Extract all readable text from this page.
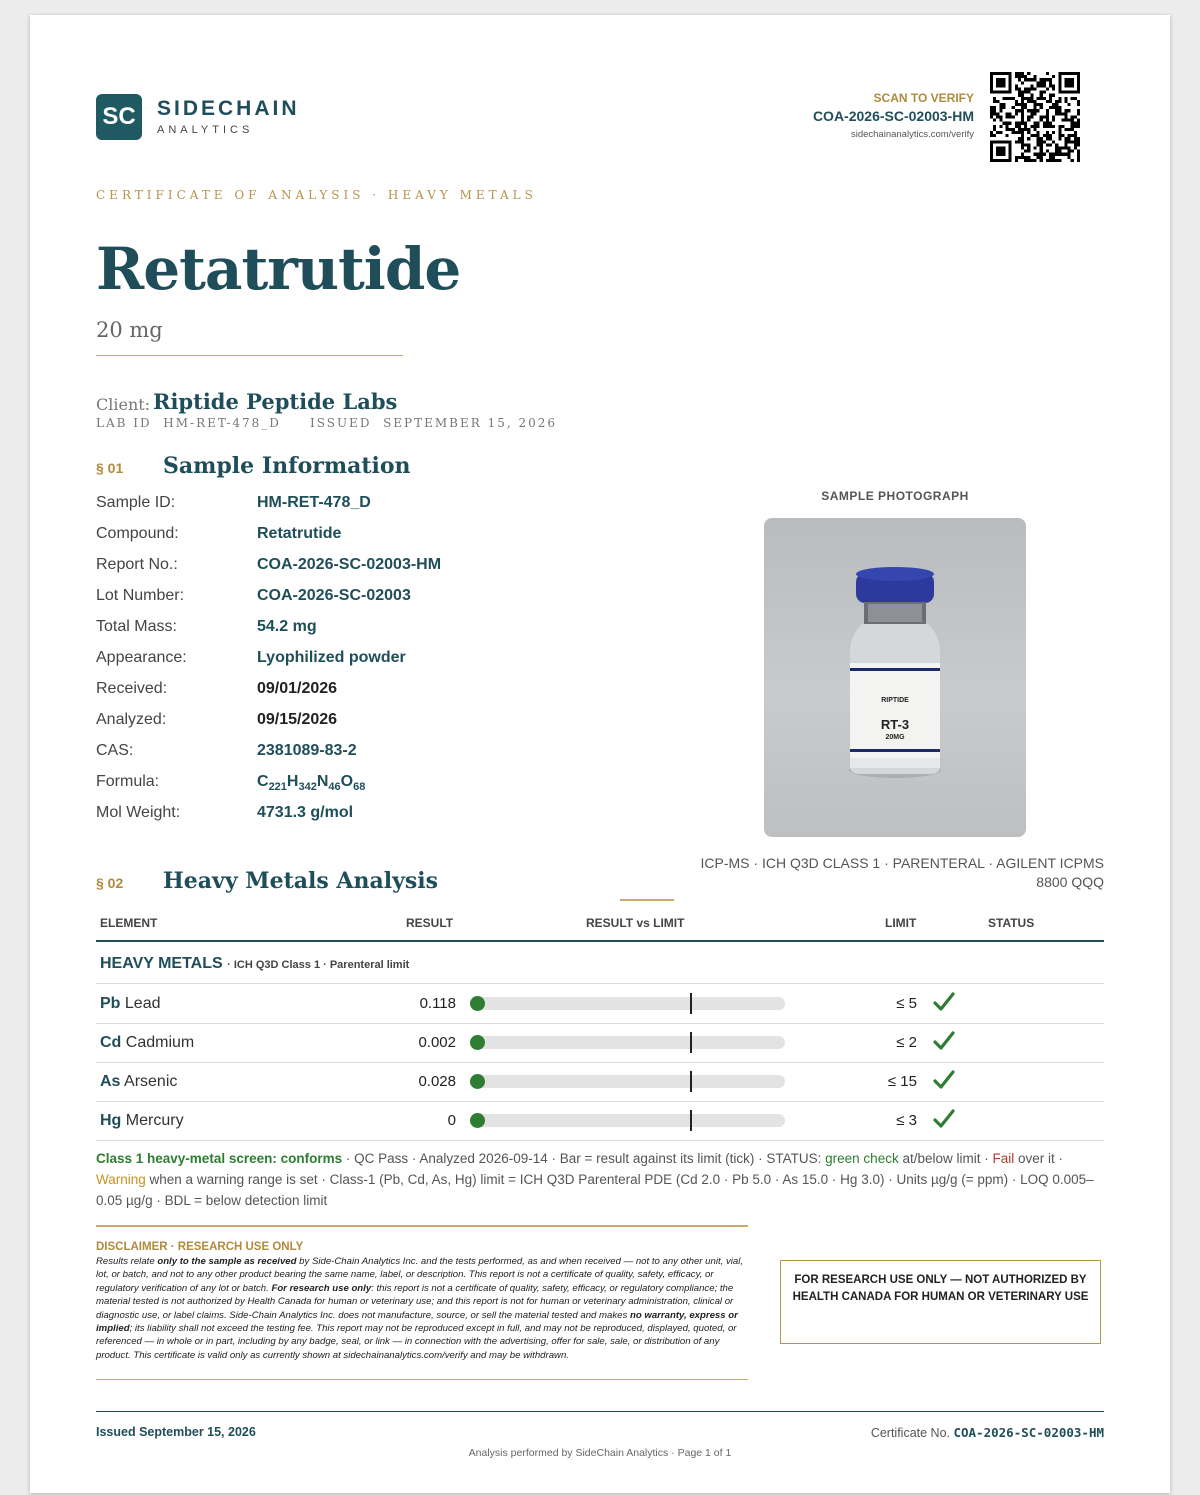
SC	SIDECHAIN
ANALYTICS
SCAN TO VERIFY
COA-2026-SC-02003-HM
sidechainanalytics.com/verify
CERTIFICATE OF ANALYSIS · HEAVY METALS
Retatrutide
20 mg
Client: Riptide Peptide Labs
LAB ID  HM-RET-478_D     ISSUED  SEPTEMBER 15, 2026
§ 01 Sample Information
Sample ID:	HM-RET-478_D
Compound:	Retatrutide
Report No.:	COA-2026-SC-02003-HM
Lot Number:	COA-2026-SC-02003
Total Mass:	54.2 mg
Appearance:	Lyophilized powder
Received:	09/01/2026
Analyzed:	09/15/2026
CAS:	2381089-83-2
Formula:	$C_{221}H_{342}N_{46}O_{68}$
Mol Weight:	4731.3 g/mol
SAMPLE PHOTOGRAPH
RIPTIDE
RT-3
20MG
§ 02 Heavy Metals Analysis
ICP-MS · ICH Q3D CLASS 1 · PARENTERAL · AGILENT ICPMS 8800 QQQ
ELEMENT	RESULT	RESULT vs LIMIT	LIMIT	STATUS
HEAVY METALS · ICH Q3D Class 1 · Parenteral limit
Pb Lead	0.118	≤ 5
Cd Cadmium	0.002	≤ 2
As Arsenic	0.028	≤ 15
Hg Mercury	0	≤ 3
Class 1 heavy-metal screen: conforms · QC Pass · Analyzed 2026-09-14 · Bar = result against its limit (tick) · STATUS: green check at/below limit · Fail over it · Warning when a warning range is set · Class-1 (Pb, Cd, As, Hg) limit = ICH Q3D Parenteral PDE (Cd 2.0 · Pb 5.0 · As 15.0 · Hg 3.0) · Units µg/g (= ppm) · LOQ 0.005–0.05 µg/g · BDL = below detection limit
DISCLAIMER · RESEARCH USE ONLY
Results relate only to the sample as received by Side-Chain Analytics Inc. and the tests performed, as and when received — not to any other unit, vial, lot, or batch, and not to any other product bearing the same name, label, or description. This report is not a certificate of quality, safety, efficacy, or regulatory verification of any lot or batch. For research use only: this report is not a certificate of quality, safety, efficacy, or regulatory compliance; the material tested is not authorized by Health Canada for human or veterinary use; and this report is not for human or veterinary administration, clinical or diagnostic use, or label claims. Side-Chain Analytics Inc. does not manufacture, source, or sell the material tested and makes no warranty, express or implied; its liability shall not exceed the testing fee. This report may not be reproduced except in full, and may not be reproduced, displayed, quoted, or referenced — in whole or in part, including by any badge, seal, or link — in connection with the advertising, offer for sale, sale, or distribution of any product. This certificate is valid only as currently shown at sidechainanalytics.com/verify and may be withdrawn.
FOR RESEARCH USE ONLY — NOT AUTHORIZED BY
HEALTH CANADA FOR HUMAN OR VETERINARY USE
Issued September 15, 2026	Certificate No. COA-2026-SC-02003-HM
Analysis performed by SideChain Analytics · Page 1 of 1
